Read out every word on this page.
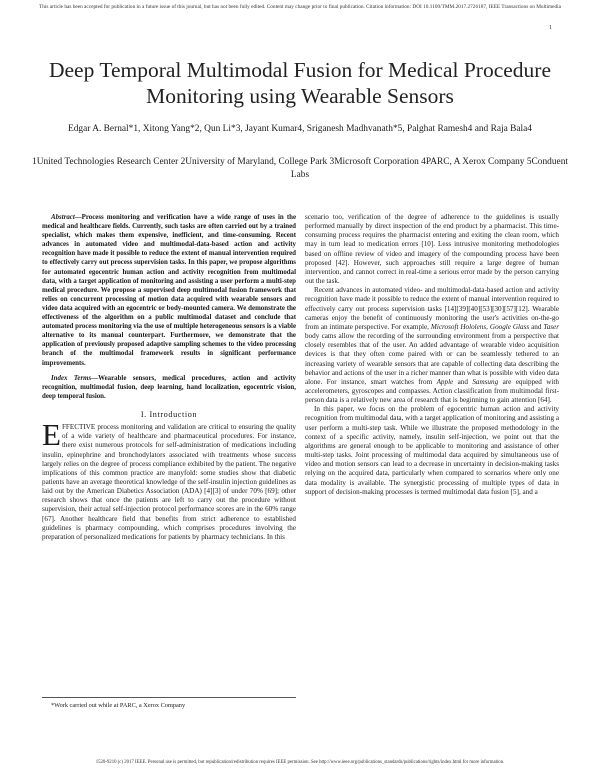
This article has been accepted for publication in a future issue of this journal, but has not been fully edited. Content may change prior to final publication. Citation information: DOI 10.1109/TMM.2017.2726187, IEEE Transactions on Multimedia
1
Deep Temporal Multimodal Fusion for Medical Procedure Monitoring using Wearable Sensors
Edgar A. Bernal*1, Xitong Yang*2, Qun Li*3, Jayant Kumar4, Sriganesh Madhvanath*5, Palghat Ramesh4 and Raja Bala4
1United Technologies Research Center 2University of Maryland, College Park 3Microsoft Corporation 4PARC, A Xerox Company 5Conduent Labs
Abstract—Process monitoring and verification have a wide range of uses in the medical and healthcare fields. Currently, such tasks are often carried out by a trained specialist, which makes them expensive, inefficient, and time-consuming. Recent advances in automated video and multimodal-data-based action and activity recognition have made it possible to reduce the extent of manual intervention required to effectively carry out process supervision tasks. In this paper, we propose algorithms for automated egocentric human action and activity recognition from multimodal data, with a target application of monitoring and assisting a user perform a multi-step medical procedure. We propose a supervised deep multimodal fusion framework that relies on concurrent processing of motion data acquired with wearable sensors and video data acquired with an egocentric or body-mounted camera. We demonstrate the effectiveness of the algorithm on a public multimodal dataset and conclude that automated process monitoring via the use of multiple heterogeneous sensors is a viable alternative to its manual counterpart. Furthermore, we demonstrate that the application of previously proposed adaptive sampling schemes to the video processing branch of the multimodal framework results in significant performance improvements.
Index Terms—Wearable sensors, medical procedures, action and activity recognition, multimodal fusion, deep learning, hand localization, egocentric vision, deep temporal fusion.
I. Introduction

EFFECTIVE process monitoring and validation are critical to ensuring the quality of a wide variety of healthcare and pharmaceutical procedures. For instance, there exist numerous protocols for self-administration of medications including insulin, epinephrine and bronchodylators associated with treatments whose success largely relies on the degree of process compliance exhibited by the patient. The negative implications of this common practice are manyfold: some studies show that diabetic patients have an average theoretical knowledge of the self-insulin injection guidelines as laid out by the American Diabetics Association (ADA) [4][3] of under 70% [69]; other research shows that once the patients are left to carry out the procedure without supervision, their actual self-injection protocol performance scores are in the 60% range [67]. Another healthcare field that benefits from strict adherence to established guidelines is pharmacy compounding, which comprises procedures involving the preparation of personalized medications for patients by pharmacy technicians. In this

*Work carried out while at PARC, a Xerox Company

scenario too, verification of the degree of adherence to the guidelines is usually performed manually by direct inspection of the end product by a pharmacist. This time-consuming process requires the pharmacist entering and exiting the clean room, which may in turn lead to medication errors [10]. Less intrusive monitoring methodologies based on offline review of video and imagery of the compounding process have been proposed [42]. However, such approaches still require a large degree of human intervention, and cannot correct in real-time a serious error made by the person carrying out the task.

Recent advances in automated video- and multimodal-data-based action and activity recognition have made it possible to reduce the extent of manual intervention required to effectively carry out process supervision tasks [14][39][40][53][30][57][12]. Wearable cameras enjoy the benefit of continuously monitoring the user's activities on-the-go from an intimate perspective. For example, Microsoft Hololens, Google Glass and Taser body cams allow the recording of the surrounding environment from a perspective that closely resembles that of the user. An added advantage of wearable video acquisition devices is that they often come paired with or can be seamlessly tethered to an increasing variety of wearable sensors that are capable of collecting data describing the behavior and actions of the user in a richer manner than what is possible with video data alone. For instance, smart watches from Apple and Samsung are equipped with accelerometers, gyroscopes and compasses. Action classification from multimodal first-person data is a relatively new area of research that is beginning to gain attention [64].

In this paper, we focus on the problem of egocentric human action and activity recognition from multimodal data, with a target application of monitoring and assisting a user perform a multi-step task. While we illustrate the proposed methodology in the context of a specific activity, namely, insulin self-injection, we point out that the algorithms are general enough to be applicable to monitoring and assistance of other multi-step tasks. Joint processing of multimodal data acquired by simultaneous use of video and motion sensors can lead to a decrease in uncertainty in decision-making tasks relying on the acquired data, particularly when compared to scenarios where only one data modality is available. The synergistic processing of multiple types of data in support of decision-making processes is termed multimodal data fusion [5], and a

1520-9210 (c) 2017 IEEE. Personal use is permitted, but republication/redistribution requires IEEE permission. See http://www.ieee.org/publications_standards/publications/rights/index.html for more information.
